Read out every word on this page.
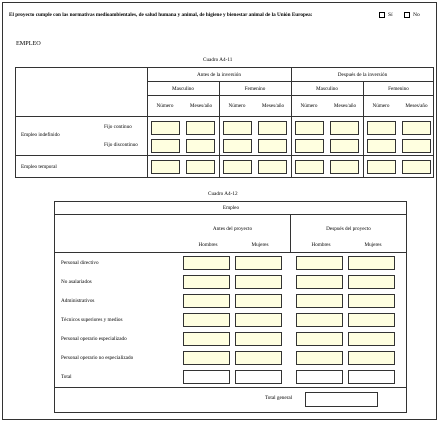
El proyecto cumple con las normativas medioambientales, de salud humana y animal, de higiene y bienestar animal de la Unión Europea:	Sí	No
EMPLEO
Cuadro A4-11
Antes de la inversión	Después de la inversión
Masculino	Femenino	Masculino	Femenino
Número	Meses/año	Número	Meses/año	Número	Meses/año	Número	Meses/año
Empleo indefinido
Fijo continuo
Fijo discontinuo
Empleo temporal
Cuadro A4-12
Empleo
Antes del proyecto	Después del proyecto
Hombres	Mujeres	Hombres	Mujeres
Personal directivo
No asalariados
Administrativos
Técnicos superiores y medios
Personal operario especializado
Personal operario no especializado
Total
Total general
